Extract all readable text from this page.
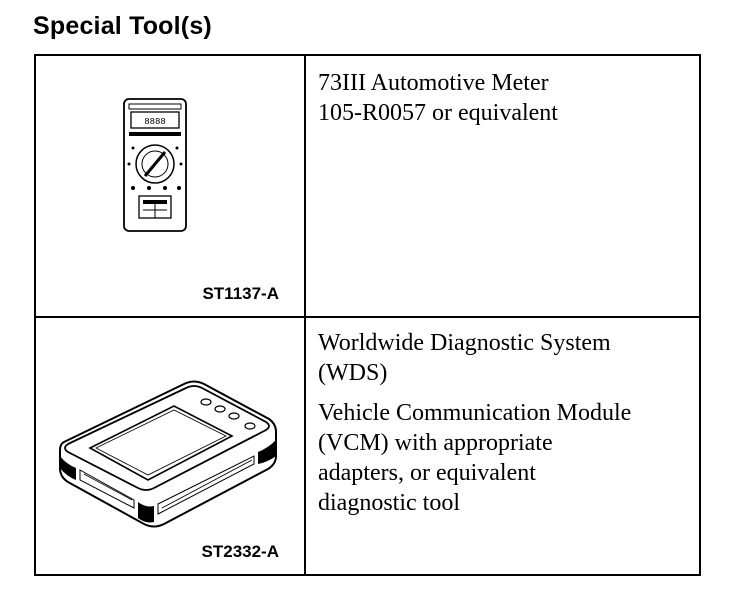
Special Tool(s)
8888
ST1137-A
73III Automotive Meter
105-R0057 or equivalent
ST2332-A
Worldwide Diagnostic System
(WDS)
Vehicle Communication Module
(VCM) with appropriate
adapters, or equivalent
diagnostic tool
